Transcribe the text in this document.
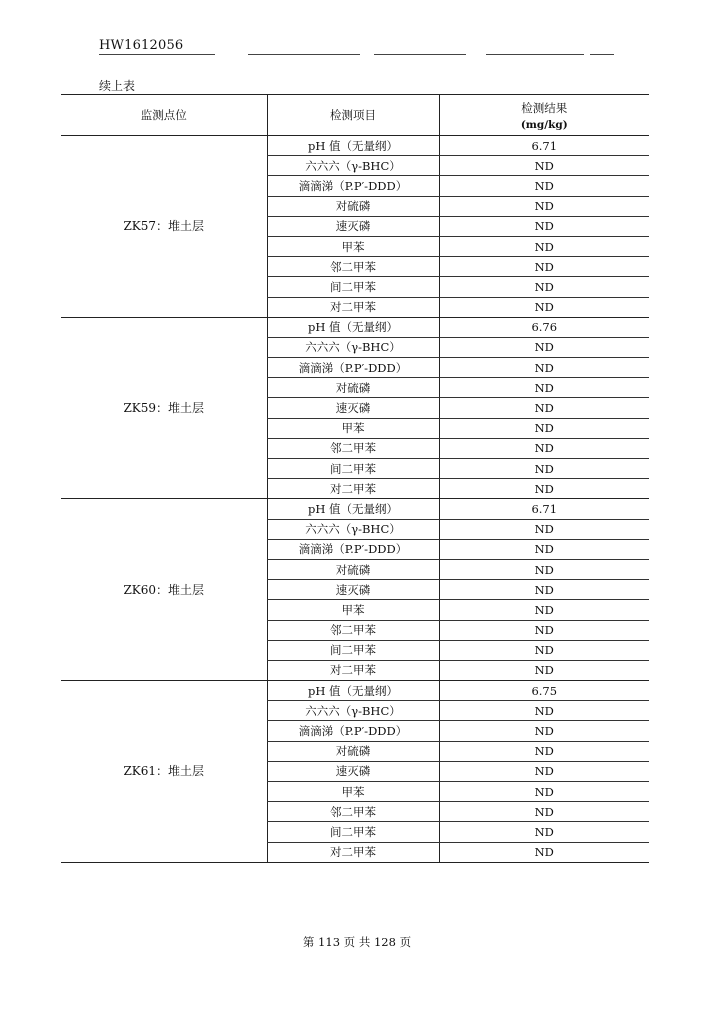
HW1612056
续上表
监测点位	检测项目	检测结果
(mg/kg)

ZK57：堆土层	pH 值（无量纲）	6.71
	六六六（γ-BHC）	ND
	滴滴涕（P.P′-DDD）	ND
	对硫磷	ND
	速灭磷	ND
	甲苯	ND
	邻二甲苯	ND
	间二甲苯	ND
	对二甲苯	ND
ZK59：堆土层	pH 值（无量纲）	6.76
	六六六（γ-BHC）	ND
	滴滴涕（P.P′-DDD）	ND
	对硫磷	ND
	速灭磷	ND
	甲苯	ND
	邻二甲苯	ND
	间二甲苯	ND
	对二甲苯	ND
ZK60：堆土层	pH 值（无量纲）	6.71
	六六六（γ-BHC）	ND
	滴滴涕（P.P′-DDD）	ND
	对硫磷	ND
	速灭磷	ND
	甲苯	ND
	邻二甲苯	ND
	间二甲苯	ND
	对二甲苯	ND
ZK61：堆土层	pH 值（无量纲）	6.75
	六六六（γ-BHC）	ND
	滴滴涕（P.P′-DDD）	ND
	对硫磷	ND
	速灭磷	ND
	甲苯	ND
	邻二甲苯	ND
	间二甲苯	ND
	对二甲苯	ND
第 113 页 共 128 页
